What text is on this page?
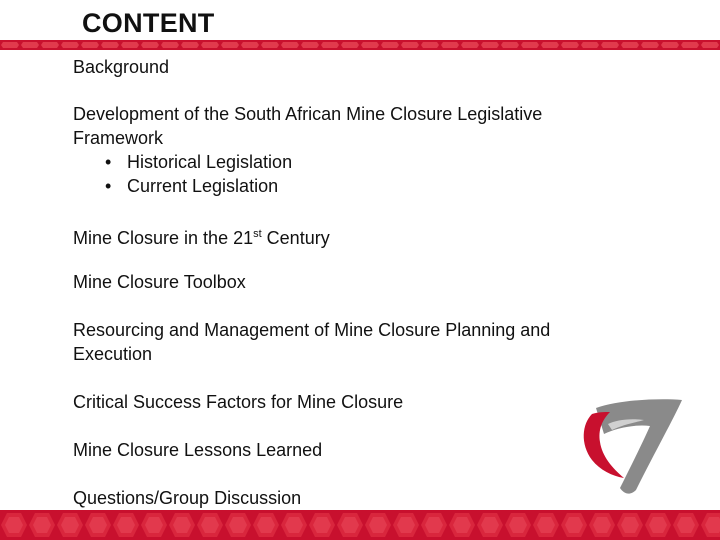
CONTENT
Background
Development of the South African Mine Closure Legislative
Framework
• Historical Legislation
• Current Legislation
Mine Closure in the 21st Century
Mine Closure Toolbox
Resourcing and Management of Mine Closure Planning and
Execution
Critical Success Factors for Mine Closure
Mine Closure Lessons Learned
Questions/Group Discussion
